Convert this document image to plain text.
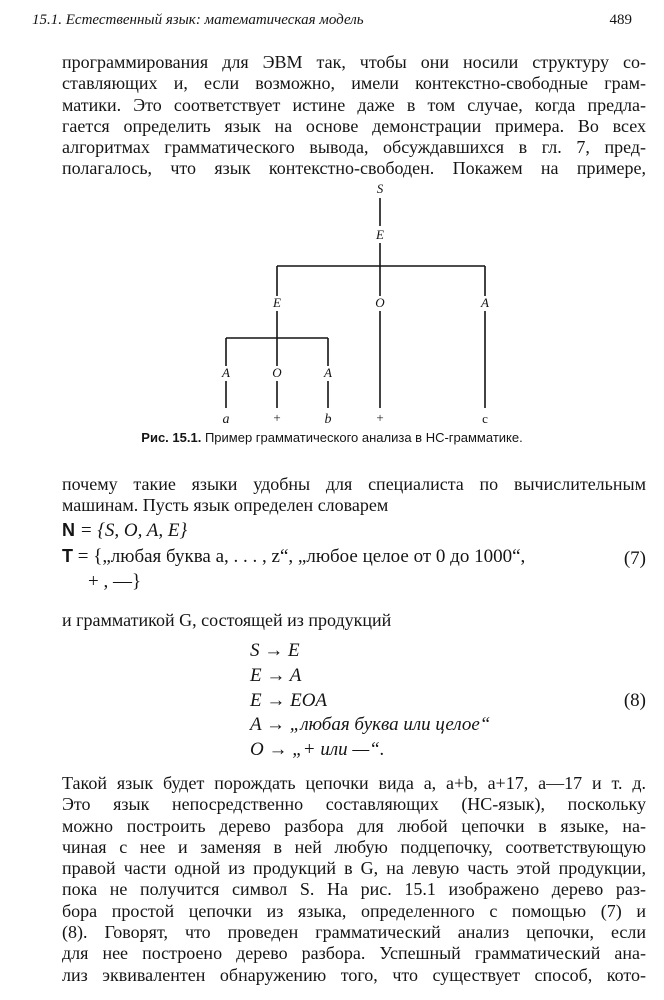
15.1. Естественный язык: математическая модель	489
программирования для ЭВМ так, чтобы они носили структуру со-
ставляющих и, если возможно, имели контекстно-свободные грам-
матики. Это соответствует истине даже в том случае, когда предла-
гается определить язык на основе демонстрации примера. Во всех
алгоритмах грамматического вывода, обсуждавшихся в гл. 7, пред-
полагалось, что язык контекстно-свободен. Покажем на примере,
S
E
E	O	A
A	O	A
a	+	b	+	c
Рис. 15.1. Пример грамматического анализа в НС-грамматике.
почему такие языки удобны для специалиста по вычислительным
машинам. Пусть язык определен словарем
N = {S, O, A, E}
T = {„любая буква a, . . . , z“, „любое целое от 0 до 1000“,	(7)
+ , —}
и грамматикой G, состоящей из продукций
S → E
E → A
E → EOA
A → „любая буква или целое“
O → „+ или —“.
(8)
Такой язык будет порождать цепочки вида a, a+b, a+17, a—17 и т. д.
Это язык непосредственно составляющих (НС-язык), поскольку
можно построить дерево разбора для любой цепочки в языке, на-
чиная с нее и заменяя в ней любую подцепочку, соответствующую
правой части одной из продукций в G, на левую часть этой продукции,
пока не получится символ S. На рис. 15.1 изображено дерево раз-
бора простой цепочки из языка, определенного с помощью (7) и
(8). Говорят, что проведен грамматический анализ цепочки, если
для нее построено дерево разбора. Успешный грамматический ана-
лиз эквивалентен обнаружению того, что существует способ, кото-
